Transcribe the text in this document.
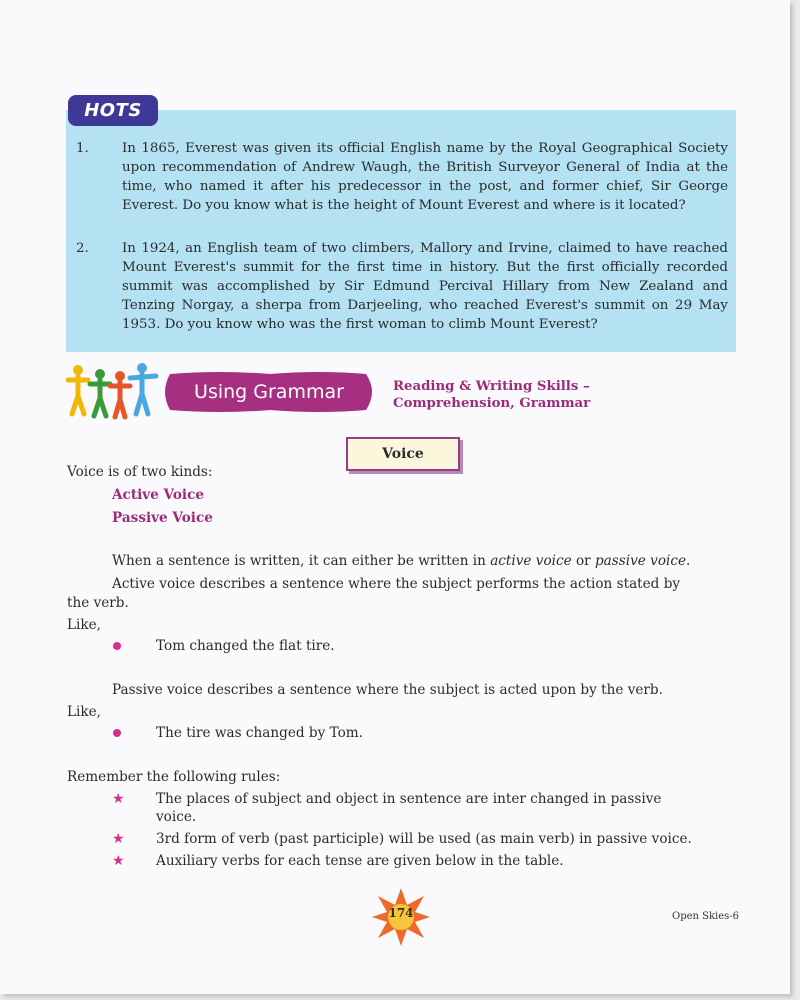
HOTS
1.	In 1865, Everest was given its official English name by the Royal Geographical Society upon recommendation of Andrew Waugh, the British Surveyor General of India at the time, who named it after his predecessor in the post, and former chief, Sir George Everest. Do you know what is the height of Mount Everest and where is it located?
2.	In 1924, an English team of two climbers, Mallory and Irvine, claimed to have reached Mount Everest's summit for the first time in history. But the first officially recorded summit was accomplished by Sir Edmund Percival Hillary from New Zealand and Tenzing Norgay, a sherpa from Darjeeling, who reached Everest's summit on 29 May 1953. Do you know who was the first woman to climb Mount Everest?
Using Grammar	Reading & Writing Skills –
Comprehension, Grammar
Voice
Voice is of two kinds:
Active Voice
Passive Voice
When a sentence is written, it can either be written in active voice or passive voice.
Active voice describes a sentence where the subject performs the action stated by
the verb.
Like,
Tom changed the flat tire.
Passive voice describes a sentence where the subject is acted upon by the verb.
Like,
The tire was changed by Tom.
Remember the following rules:
★ The places of subject and object in sentence are inter changed in passive
voice.
★ 3rd form of verb (past participle) will be used (as main verb) in passive voice.
★ Auxiliary verbs for each tense are given below in the table.
174	Open Skies-6
